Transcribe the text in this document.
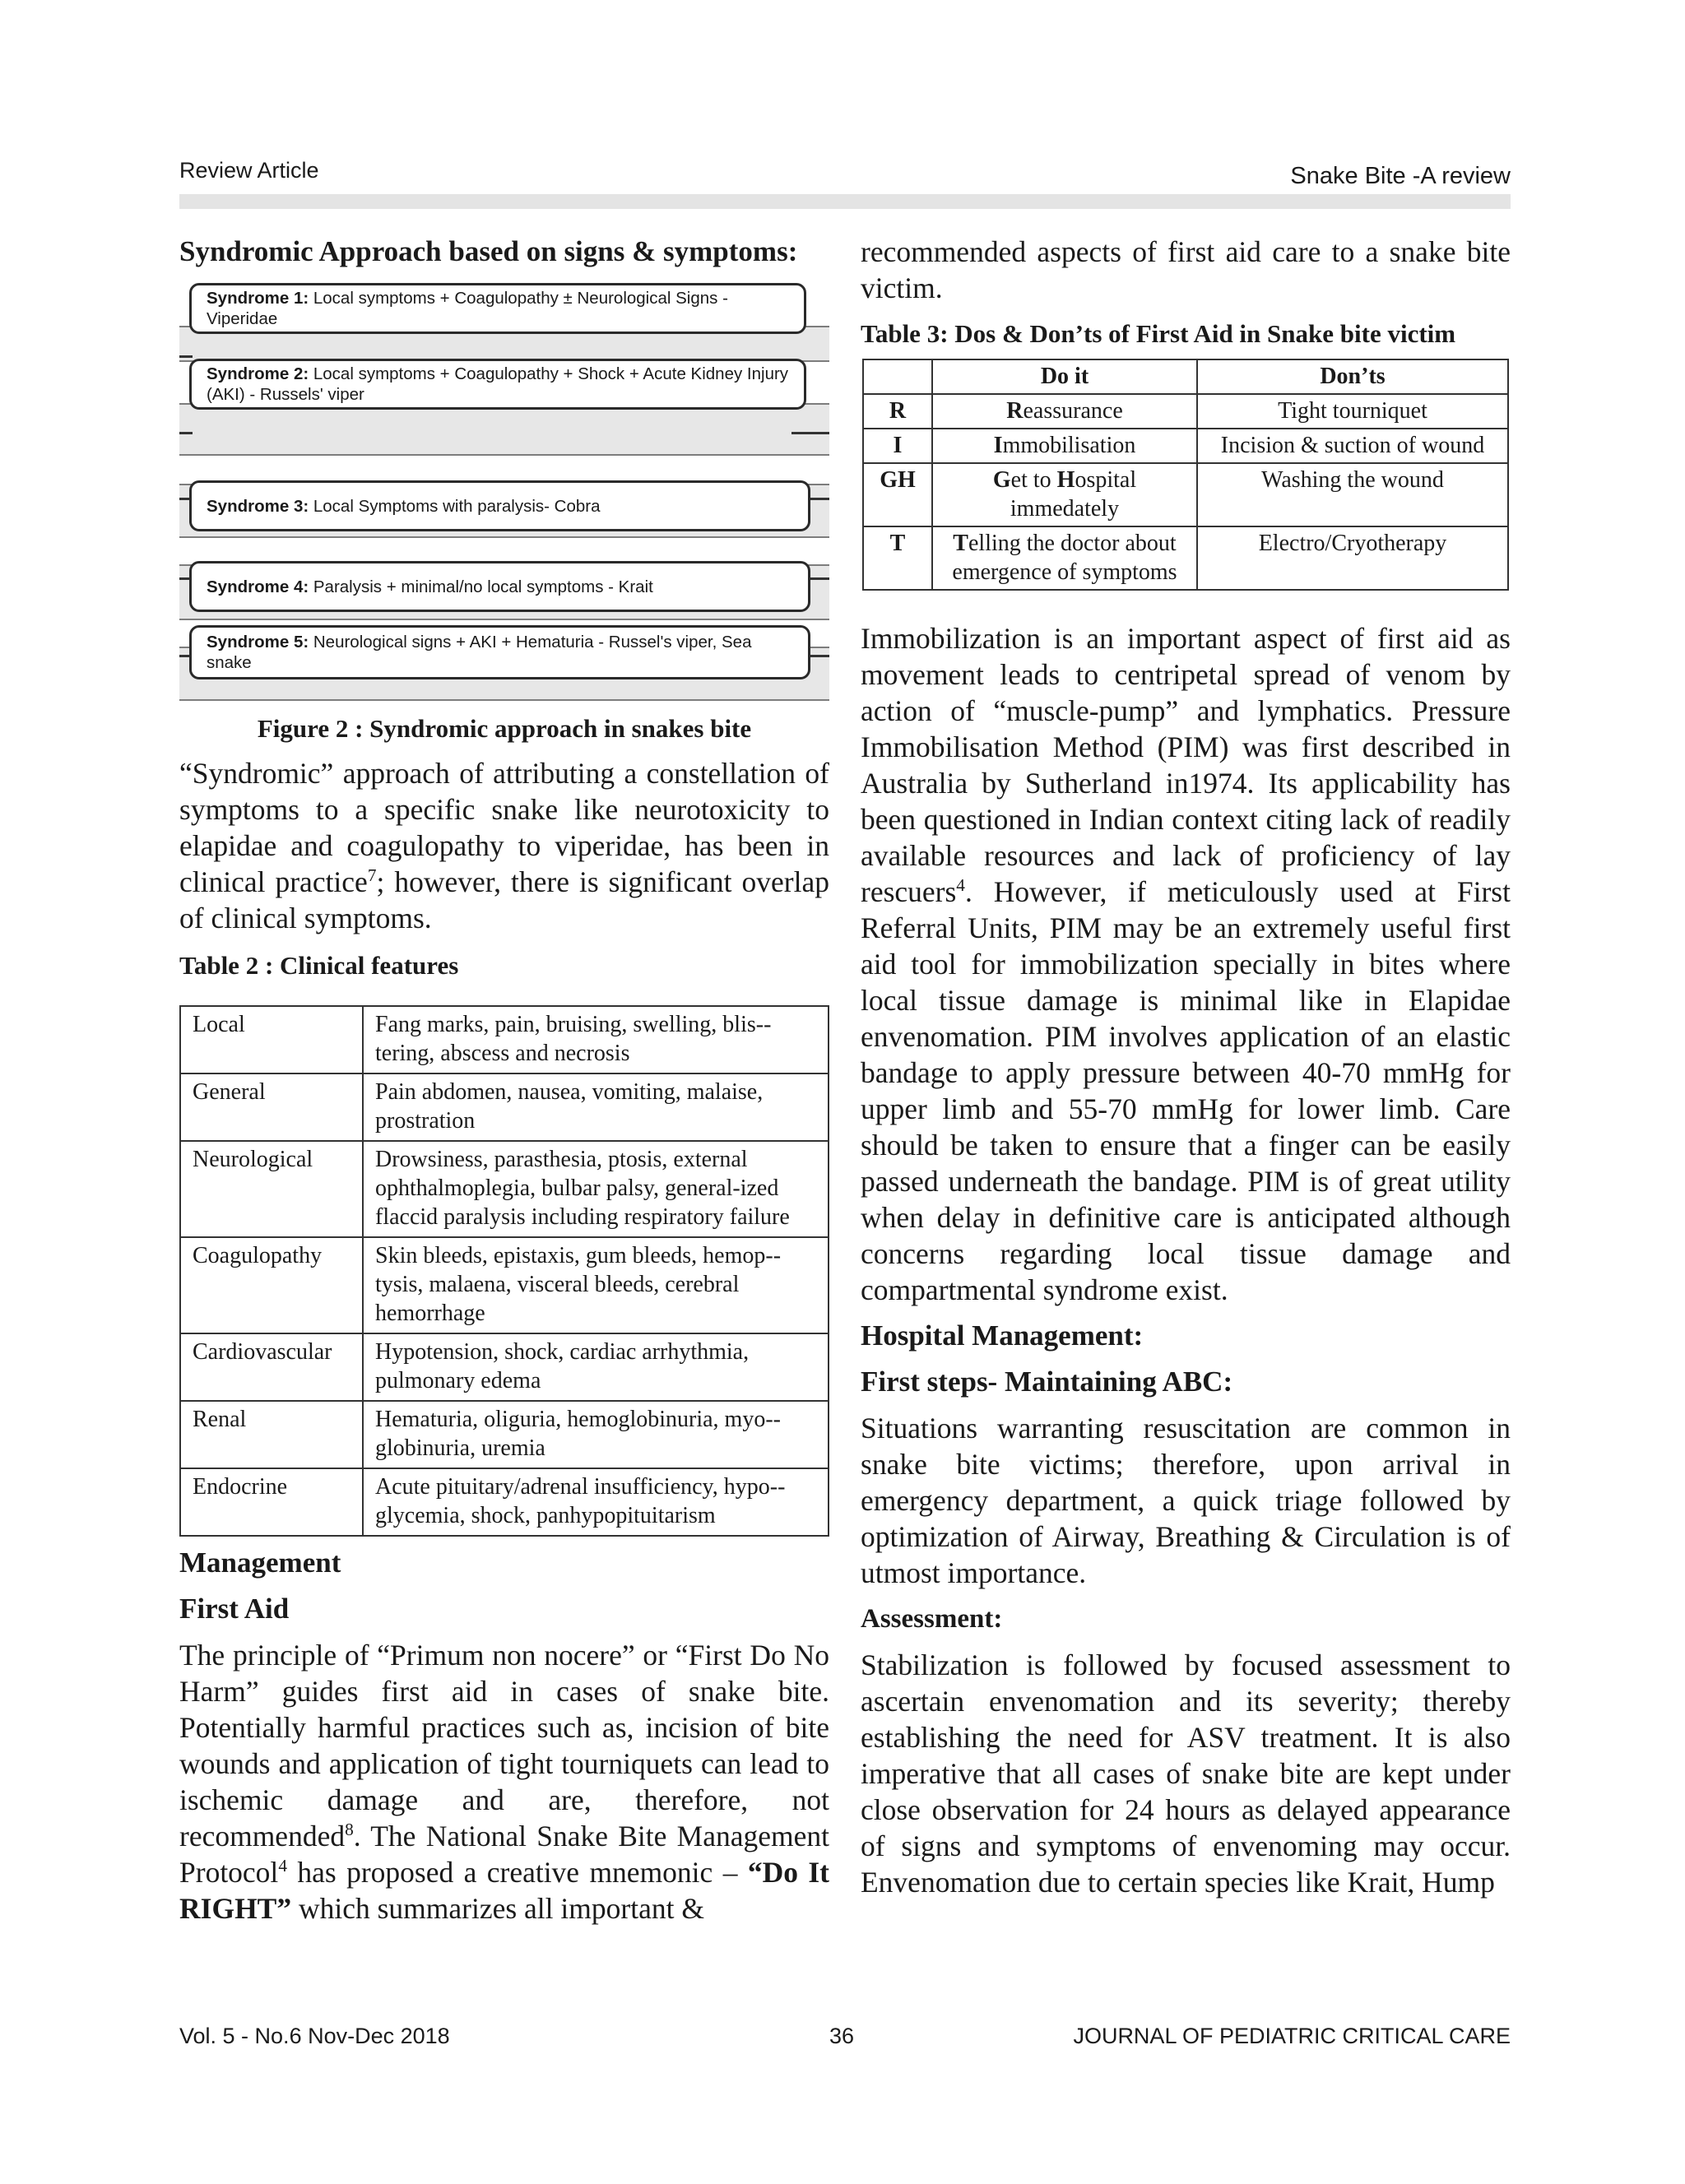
Review Article	Snake Bite -A review

Syndromic Approach based on signs & symptoms:

Syndrome 1: Local symptoms + Coagulopathy ± Neurological Signs - Viperidae
Syndrome 2: Local symptoms + Coagulopathy + Shock + Acute Kidney Injury (AKI) - Russels' viper
Syndrome 3: Local Symptoms with paralysis- Cobra
Syndrome 4: Paralysis + minimal/no local symptoms - Krait
Syndrome 5: Neurological signs + AKI + Hematuria - Russel's viper, Sea snake
Figure 2 : Syndromic approach in snakes bite

“Syndromic” approach of attributing a constellation of symptoms to a specific snake like neurotoxicity to elapidae and coagulopathy to viperidae, has been in clinical practice$^7$; however, there is significant overlap of clinical symptoms.

Table 2 : Clinical features

Local	Fang marks, pain, bruising, swelling, blis-tering, abscess and necrosis
General	Pain abdomen, nausea, vomiting, malaise, prostration
Neurological	Drowsiness, parasthesia, ptosis, external ophthalmoplegia, bulbar palsy, general-ized flaccid paralysis including respiratory failure
Coagulopathy	Skin bleeds, epistaxis, gum bleeds, hemop-tysis, malaena, visceral bleeds, cerebral hemorrhage
Cardiovascular	Hypotension, shock, cardiac arrhythmia, pulmonary edema
Renal	Hematuria, oliguria, hemoglobinuria, myo-globinuria, uremia
Endocrine	Acute pituitary/adrenal insufficiency, hypo-glycemia, shock, panhypopituitarism

Management

First Aid

The principle of “Primum non nocere” or “First Do No Harm” guides first aid in cases of snake bite. Potentially harmful practices such as, incision of bite wounds and application of tight tourniquets can lead to ischemic damage and are, therefore, not recommended$^8$. The National Snake Bite Management Protocol$^4$ has proposed a creative mnemonic – “Do It RIGHT” which summarizes all important &

recommended aspects of first aid care to a snake bite victim.

Table 3: Dos & Don’ts of First Aid in Snake bite victim

	Do it	Don’ts
R	Reassurance	Tight tourniquet
I	Immobilisation	Incision & suction of wound
GH	Get to Hospital immedately	Washing the wound
T	Telling the doctor about emergence of symptoms	Electro/Cryotherapy

Immobilization is an important aspect of first aid as movement leads to centripetal spread of venom by action of “muscle-pump” and lymphatics. Pressure Immobilisation Method (PIM) was first described in Australia by Sutherland in1974. Its applicability has been questioned in Indian context citing lack of readily available resources and lack of proficiency of lay rescuers$^4$. However, if meticulously used at First Referral Units, PIM may be an extremely useful first aid tool for immobilization specially in bites where local tissue damage is minimal like in Elapidae envenomation. PIM involves application of an elastic bandage to apply pressure between 40-70 mmHg for upper limb and 55-70 mmHg for lower limb. Care should be taken to ensure that a finger can be easily passed underneath the bandage. PIM is of great utility when delay in definitive care is anticipated although concerns regarding local tissue damage and compartmental syndrome exist.

Hospital Management:

First steps- Maintaining ABC:

Situations warranting resuscitation are common in snake bite victims; therefore, upon arrival in emergency department, a quick triage followed by optimization of Airway, Breathing & Circulation is of utmost importance.

Assessment:

Stabilization is followed by focused assessment to ascertain envenomation and its severity; thereby establishing the need for ASV treatment. It is also imperative that all cases of snake bite are kept under close observation for 24 hours as delayed appearance of signs and symptoms of envenoming may occur. Envenomation due to certain species like Krait, Hump

Vol. 5 - No.6 Nov-Dec 2018	36	JOURNAL OF PEDIATRIC CRITICAL CARE
